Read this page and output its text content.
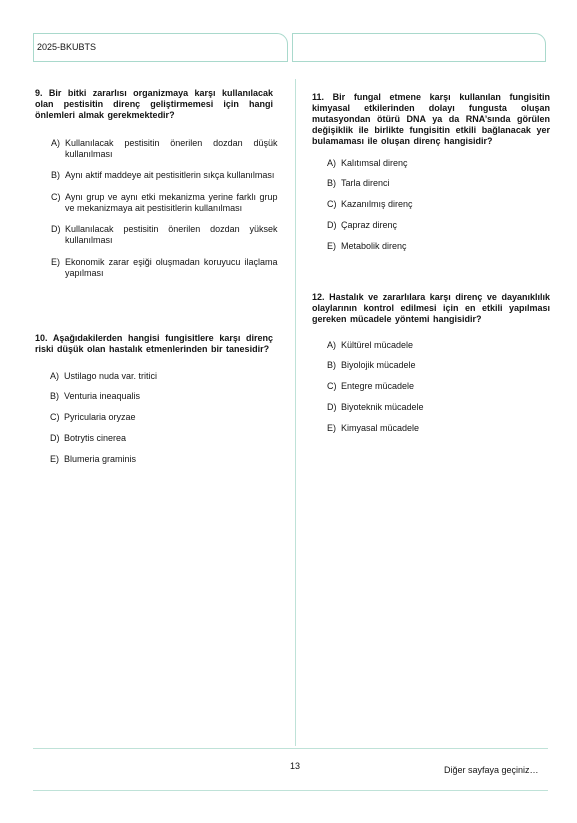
2025-BKUBTS

9. Bir bitki zararlısı organizmaya karşı kullanılacak olan pestisitin direnç geliştirmemesi için hangi önlemleri almak gerekmektedir?

A) Kullanılacak pestisitin önerilen dozdan düşük kullanılması
B) Aynı aktif maddeye ait pestisitlerin sıkça kullanılması
C) Aynı grup ve aynı etki mekanizma yerine farklı grup ve mekanizmaya ait pestisitlerin kullanılması
D) Kullanılacak pestisitin önerilen dozdan yüksek kullanılması
E) Ekonomik zarar eşiği oluşmadan koruyucu ilaçlama yapılması

10. Aşağıdakilerden hangisi fungisitlere karşı direnç riski düşük olan hastalık etmenlerinden bir tanesidir?

A) Ustilago nuda var. tritici
B) Venturia ineaqualis
C) Pyricularia oryzae
D) Botrytis cinerea
E) Blumeria graminis

11. Bir fungal etmene karşı kullanılan fungisitin kimyasal etkilerinden dolayı fungusta oluşan mutasyondan ötürü DNA ya da RNA’sında görülen değişiklik ile birlikte fungisitin etkili bağlanacak yer bulamaması ile oluşan direnç hangisidir?

A) Kalıtımsal direnç
B) Tarla direnci
C) Kazanılmış direnç
D) Çapraz direnç
E) Metabolik direnç

12. Hastalık ve zararlılara karşı direnç ve dayanıklılık olaylarının kontrol edilmesi için en etkili yapılması gereken mücadele yöntemi hangisidir?

A) Kültürel mücadele
B) Biyolojik mücadele
C) Entegre mücadele
D) Biyoteknik mücadele
E) Kimyasal mücadele
13	Diğer sayfaya geçiniz…
